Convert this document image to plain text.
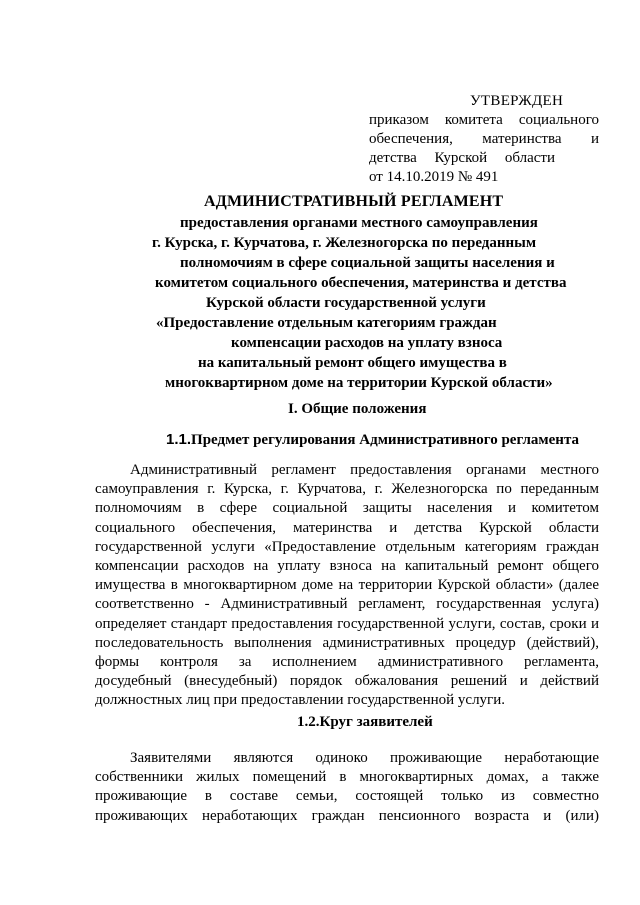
УТВЕРЖДЕН
приказом комитета социального
обеспечения, материнства и
детства Курской области
от 14.10.2019 № 491
АДМИНИСТРАТИВНЫЙ РЕГЛАМЕНТ
предоставления органами местного самоуправления
г. Курска, г. Курчатова, г. Железногорска по переданным
полномочиям в сфере социальной защиты населения и
комитетом социального обеспечения, материнства и детства
Курской области государственной услуги
«Предоставление отдельным категориям граждан
компенсации расходов на уплату взноса
на капитальный ремонт общего имущества в
многоквартирном доме на территории Курской области»
I. Общие положения
1.1.Предмет регулирования Административного регламента
Административный регламент предоставления органами местного
самоуправления г. Курска, г. Курчатова, г. Железногорска по переданным
полномочиям в сфере социальной защиты населения и комитетом
социального обеспечения, материнства и детства Курской области
государственной услуги «Предоставление отдельным категориям граждан
компенсации расходов на уплату взноса на капитальный ремонт общего
имущества в многоквартирном доме на территории Курской области» (далее
соответственно - Административный регламент, государственная услуга)
определяет стандарт предоставления государственной услуги, состав, сроки и
последовательность выполнения административных процедур (действий),
формы контроля за исполнением административного регламента,
досудебный (внесудебный) порядок обжалования решений и действий
должностных лиц при предоставлении государственной услуги.
1.2.Круг заявителей
Заявителями являются одиноко проживающие неработающие
собственники жилых помещений в многоквартирных домах, а также
проживающие в составе семьи, состоящей только из совместно
проживающих неработающих граждан пенсионного возраста и (или)
